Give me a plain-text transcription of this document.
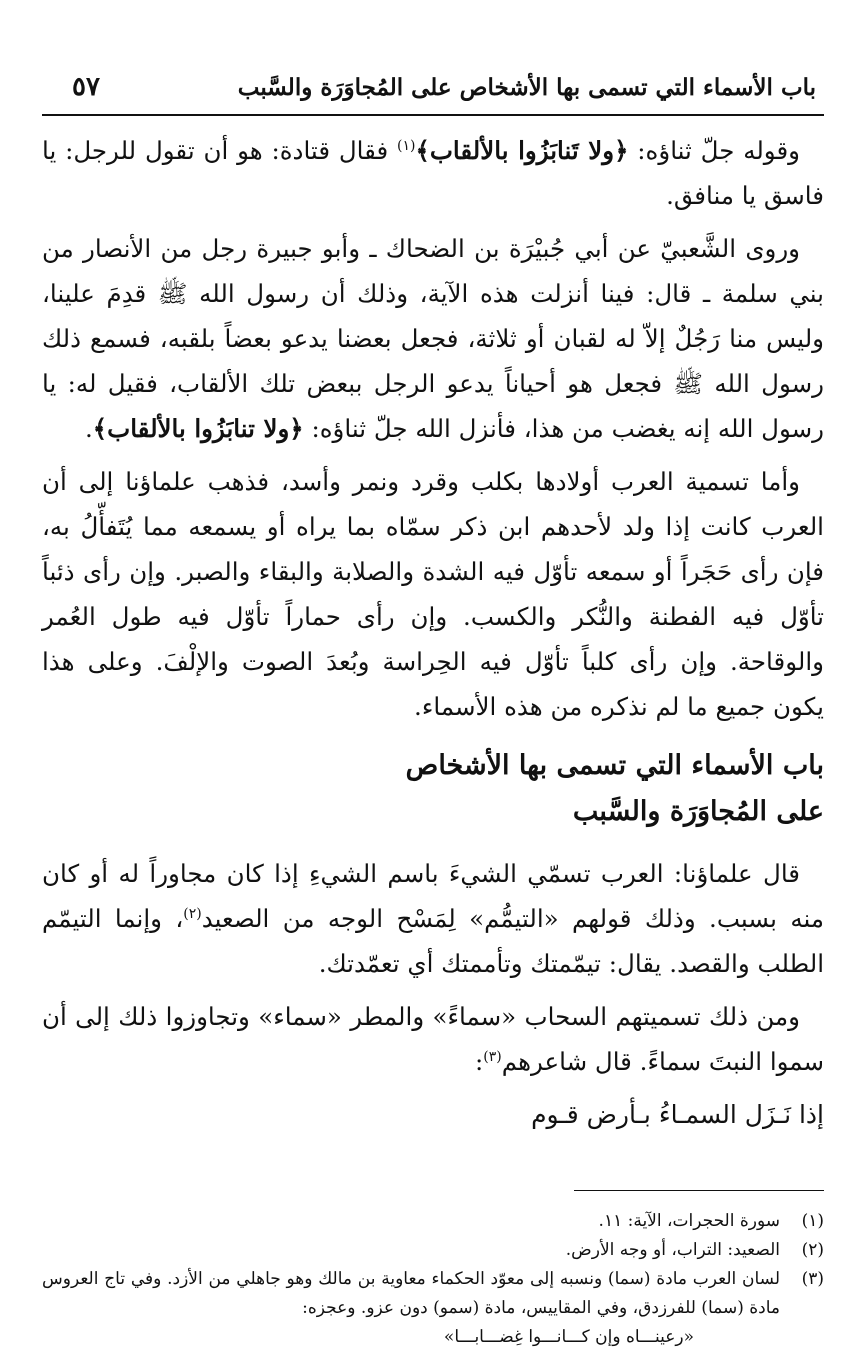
باب الأسماء التي تسمى بها الأشخاص على المُجاوَرَة والسَّبب
٥٧

وقوله جلّ ثناؤه: ﴿ولا تَنابَزُوا بالألقاب﴾$^{(١)}$ فقال قتادة: هو أن تقول للرجل: يا فاسق يا منافق.

وروى الشَّعبيّ عن أبي جُبيْرَة بن الضحاك ـ وأبو جبيرة رجل من الأنصار من بني سلمة ـ قال: فينا أنزلت هذه الآية، وذلك أن رسول الله ﷺ قدِمَ علينا، وليس منا رَجُلٌ إلاّ له لقبان أو ثلاثة، فجعل بعضنا يدعو بعضاً بلقبه، فسمع ذلك رسول الله ﷺ فجعل هو أحياناً يدعو الرجل ببعض تلك الألقاب، فقيل له: يا رسول الله إنه يغضب من هذا، فأنزل الله جلّ ثناؤه: ﴿ولا تنابَزُوا بالألقاب﴾.

وأما تسمية العرب أولادها بكلب وقرد ونمر وأسد، فذهب علماؤنا إلى أن العرب كانت إذا ولد لأحدهم ابن ذكر سمّاه بما يراه أو يسمعه مما يُتَفأّلُ به، فإن رأى حَجَراً أو سمعه تأوّل فيه الشدة والصلابة والبقاء والصبر. وإن رأى ذئباً تأوّل فيه الفطنة والنُّكر والكسب. وإن رأى حماراً تأوّل فيه طول العُمر والوقاحة. وإن رأى كلباً تأوّل فيه الحِراسة وبُعدَ الصوت والإلْفَ. وعلى هذا يكون جميع ما لم نذكره من هذه الأسماء.

باب الأسماء التي تسمى بها الأشخاص
على المُجاوَرَة والسَّبب

قال علماؤنا: العرب تسمّي الشيءَ باسم الشيءِ إذا كان مجاوراً له أو كان منه بسبب. وذلك قولهم «التيمُّم» لِمَسْح الوجه من الصعيد$^{(٢)}$، وإنما التيمّم الطلب والقصد. يقال: تيمّمتك وتأممتك أي تعمّدتك.

ومن ذلك تسميتهم السحاب «سماءً» والمطر «سماء» وتجاوزوا ذلك إلى أن سموا النبتَ سماءً. قال شاعرهم$^{(٣)}$:

إذا نَـزَل السمـاءُ بـأرض قـوم
(١)
سورة الحجرات، الآية: ١١.
(٢)
الصعيد: التراب، أو وجه الأرض.
(٣)
لسان العرب مادة (سما) ونسبه إلى معوّد الحكماء معاوية بن مالك وهو جاهلي من الأزد. وفي تاج العروس مادة (سما) للفرزدق، وفي المقاييس، مادة (سمو) دون عزو. وعجزه:
«رعينـــاه وإن كـــانـــوا غِضـــابـــا»
